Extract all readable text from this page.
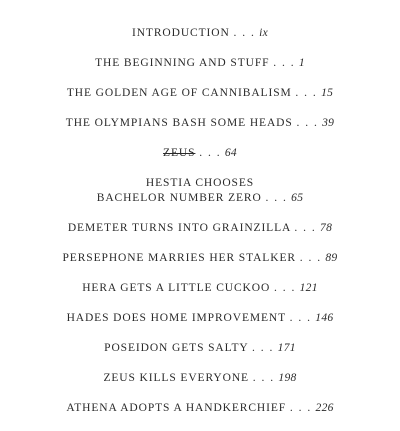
INTRODUCTION . . . ix
THE BEGINNING AND STUFF . . . 1
THE GOLDEN AGE OF CANNIBALISM . . . 15
THE OLYMPIANS BASH SOME HEADS . . . 39
ZEUS . . . 64
HESTIA CHOOSES
BACHELOR NUMBER ZERO . . . 65
DEMETER TURNS INTO GRAINZILLA . . . 78
PERSEPHONE MARRIES HER STALKER . . . 89
HERA GETS A LITTLE CUCKOO . . . 121
HADES DOES HOME IMPROVEMENT . . . 146
POSEIDON GETS SALTY . . . 171
ZEUS KILLS EVERYONE . . . 198
ATHENA ADOPTS A HANDKERCHIEF . . . 226
